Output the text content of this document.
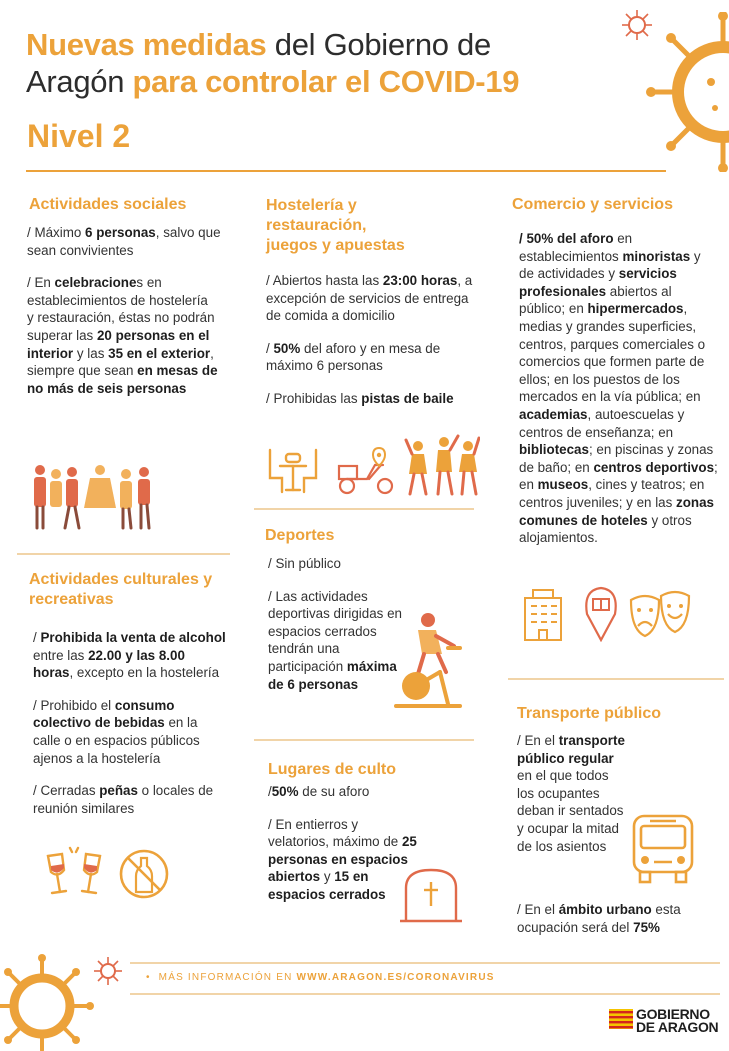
Nuevas medidas del Gobierno de
Aragón para controlar el COVID-19
Nivel 2
Actividades sociales
/ Máximo 6 personas, salvo que sean convivientes
/ En celebraciones en establecimientos de hostelería
y restauración, éstas no podrán superar las 20 personas en el interior y las 35 en el exterior, siempre que sean en mesas de no más de seis personas
Actividades culturales y
recreativas
/ Prohibida la venta de alcohol entre las 22.00 y las 8.00 horas, excepto en la hostelería
/ Prohibido el consumo colectivo de bebidas en la calle o en espacios públicos ajenos a la hostelería
/ Cerradas peñas o locales de reunión similares
Hostelería y
restauración,
juegos y apuestas
/ Abiertos hasta las 23:00 horas, a excepción de servicios de entrega de comida a domicilio
/ 50% del aforo y en mesa de máximo 6 personas
/ Prohibidas las pistas de baile
Deportes
/ Sin público
/ Las actividades deportivas dirigidas en espacios cerrados tendrán una participación máxima de 6 personas
Lugares de culto
/50% de su aforo
/ En entierros y velatorios, máximo de 25 personas en espacios abiertos y 15 en espacios cerrados
Comercio y servicios
/ 50% del aforo en establecimientos minoristas y de actividades y servicios profesionales abiertos al público; en hipermercados, medias y grandes superficies, centros, parques comerciales o comercios que formen parte de ellos; en los puestos de los mercados en la vía pública; en academias, autoescuelas y centros de enseñanza; en bibliotecas; en piscinas y zonas de baño; en centros deportivos; en museos, cines y teatros; en centros juveniles; y en las zonas comunes de hoteles y otros alojamientos.
Transporte público
/ En el transporte público regular en el que todos los ocupantes deban ir sentados y ocupar la mitad de los asientos
/ En el ámbito urbano esta ocupación será del 75%
• MÁS INFORMACIÓN EN WWW.ARAGON.ES/CORONAVIRUS
GOBIERNO
DE ARAGON
